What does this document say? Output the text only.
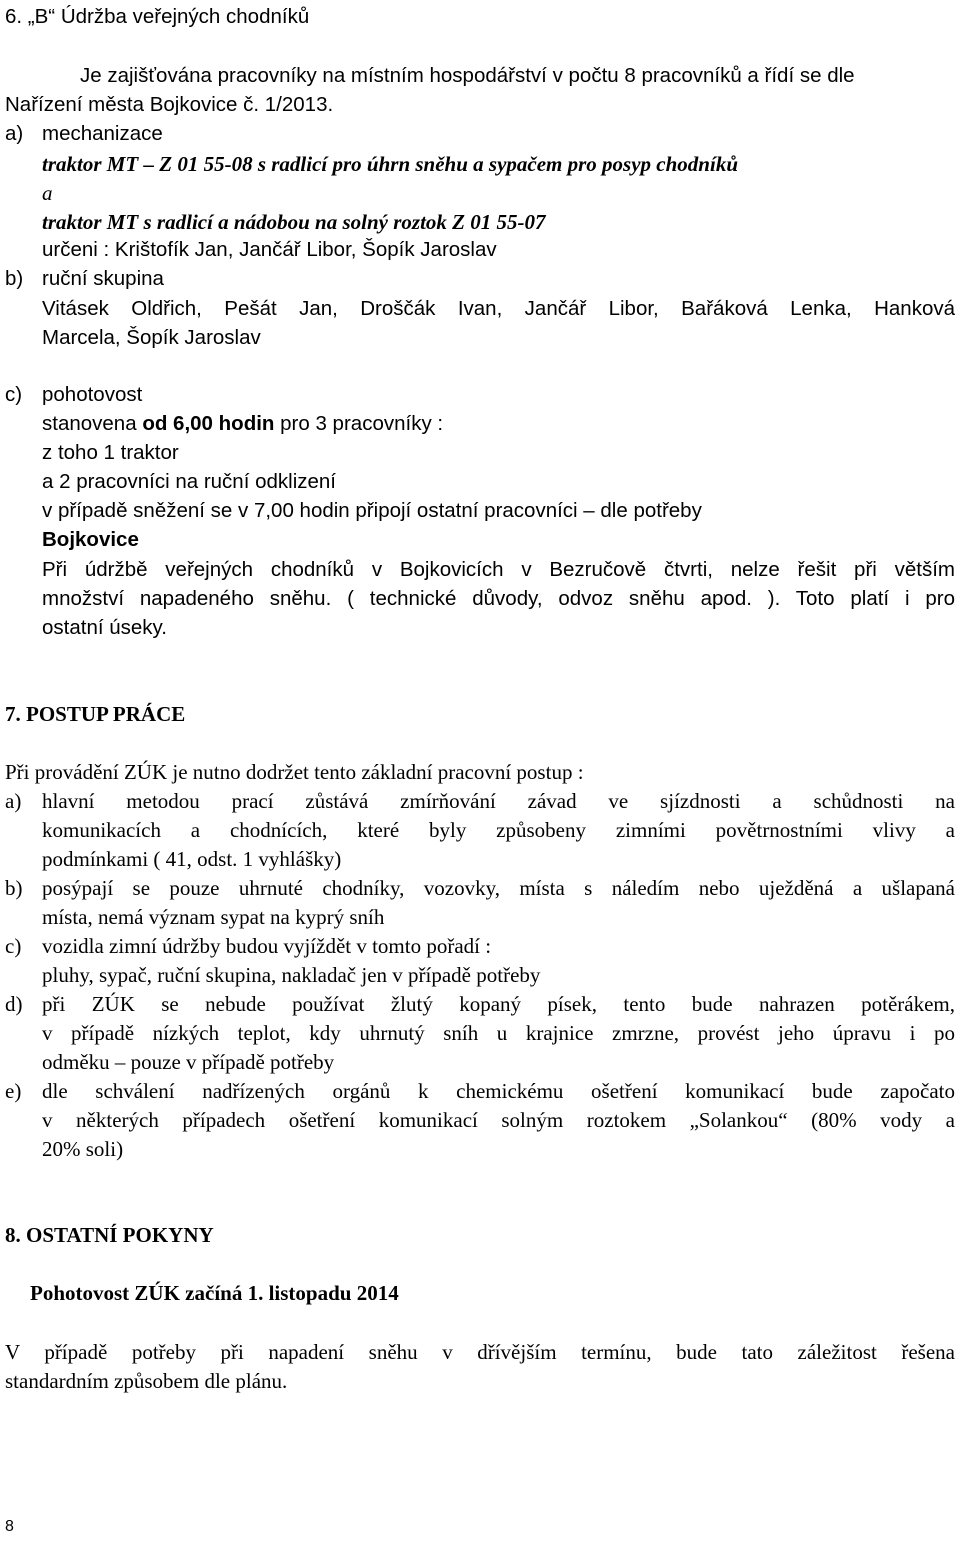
6. „B“ Údržba veřejných chodníků
Je zajišťována pracovníky na místním hospodářství v počtu 8 pracovníků a řídí se dle
Nařízení města Bojkovice č. 1/2013.
a) mechanizace
traktor MT – Z 01 55-08 s radlicí pro úhrn sněhu a sypačem pro posyp chodníků
a
traktor MT s radlicí a nádobou na solný roztok Z 01 55-07
určeni : Krištofík Jan, Jančář Libor, Šopík Jaroslav
b) ruční skupina
Vitásek Oldřich, Pešát Jan, Droščák Ivan, Jančář Libor, Bařáková Lenka, Hanková
Marcela, Šopík Jaroslav
c) pohotovost
stanovena od 6,00 hodin pro 3 pracovníky :
z toho 1 traktor
a 2 pracovníci na ruční odklizení
v případě sněžení se v 7,00 hodin připojí ostatní pracovníci – dle potřeby
Bojkovice
Při údržbě veřejných chodníků v Bojkovicích v Bezručově čtvrti, nelze řešit při větším
množství napadeného sněhu. ( technické důvody, odvoz sněhu apod. ). Toto platí i pro
ostatní úseky.
7. POSTUP PRÁCE
Při provádění ZÚK je nutno dodržet tento základní pracovní postup :
a) hlavní metodou prací zůstává zmírňování závad ve sjízdnosti a schůdnosti na
komunikacích a chodnících, které byly způsobeny zimními povětrnostními vlivy a
podmínkami ( 41, odst. 1 vyhlášky)
b) posýpají se pouze uhrnuté chodníky, vozovky, místa s náledím nebo uježděná a ušlapaná
místa, nemá význam sypat na kyprý sníh
c) vozidla zimní údržby budou vyjíždět v tomto pořadí :
pluhy, sypač, ruční skupina, nakladač jen v případě potřeby
d) při ZÚK se nebude používat žlutý kopaný písek, tento bude nahrazen potěrákem,
v případě nízkých teplot, kdy uhrnutý sníh u krajnice zmrzne, provést jeho úpravu i po
odměku – pouze v případě potřeby
e) dle schválení nadřízených orgánů k chemickému ošetření komunikací bude započato
v některých případech ošetření komunikací solným roztokem „Solankou“ (80% vody a
20% soli)
8. OSTATNÍ POKYNY
Pohotovost ZÚK začíná 1. listopadu 2014
V případě potřeby při napadení sněhu v dřívějším termínu, bude tato záležitost řešena
standardním způsobem dle plánu.
8
